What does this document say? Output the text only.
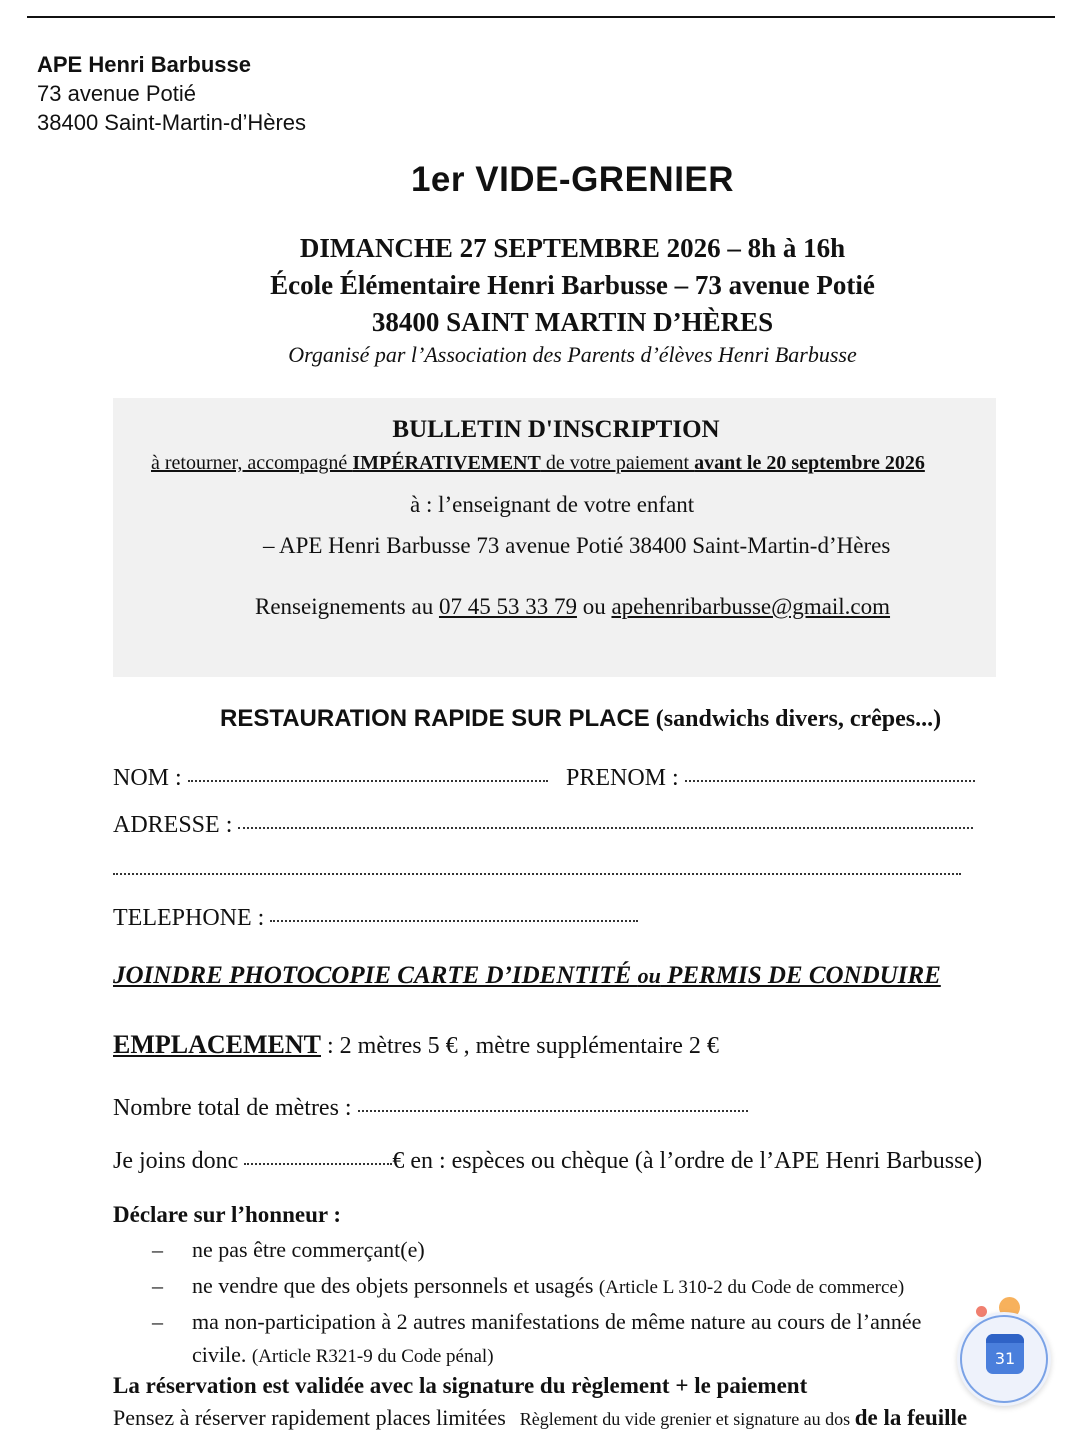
APE Henri Barbusse
73 avenue Potié
38400 Saint-Martin-d’Hères
1er VIDE-GRENIER
DIMANCHE 27 SEPTEMBRE 2026 – 8h à 16h
École Élémentaire Henri Barbusse – 73 avenue Potié
38400 SAINT MARTIN D’HÈRES
Organisé par l’Association des Parents d’élèves Henri Barbusse
BULLETIN D'INSCRIPTION
à retourner, accompagné IMPÉRATIVEMENT de votre paiement avant le 20 septembre 2026
à : l’enseignant de votre enfant
– APE Henri Barbusse 73 avenue Potié 38400 Saint-Martin-d’Hères
Renseignements au 07 45 53 33 79 ou apehenribarbusse@gmail.com
RESTAURATION RAPIDE SUR PLACE (sandwichs divers, crêpes...)
NOM :	PRENOM :
ADRESSE :
TELEPHONE :
JOINDRE PHOTOCOPIE CARTE D’IDENTITÉ ou PERMIS DE CONDUIRE
EMPLACEMENT : 2 mètres 5 € , mètre supplémentaire 2 €
Nombre total de mètres :
Je joins donc	€ en : espèces ou chèque (à l’ordre de l’APE Henri Barbusse)
Déclare sur l’honneur :
– ne pas être commerçant(e)
– ne vendre que des objets personnels et usagés (Article L 310-2 du Code de commerce)
– ma non-participation à 2 autres manifestations de même nature au cours de l’année
civile. (Article R321-9 du Code pénal)
La réservation est validée avec la signature du règlement + le paiement
Pensez à réserver rapidement places limitées Règlement du vide grenier et signature au dos de la feuille
31
